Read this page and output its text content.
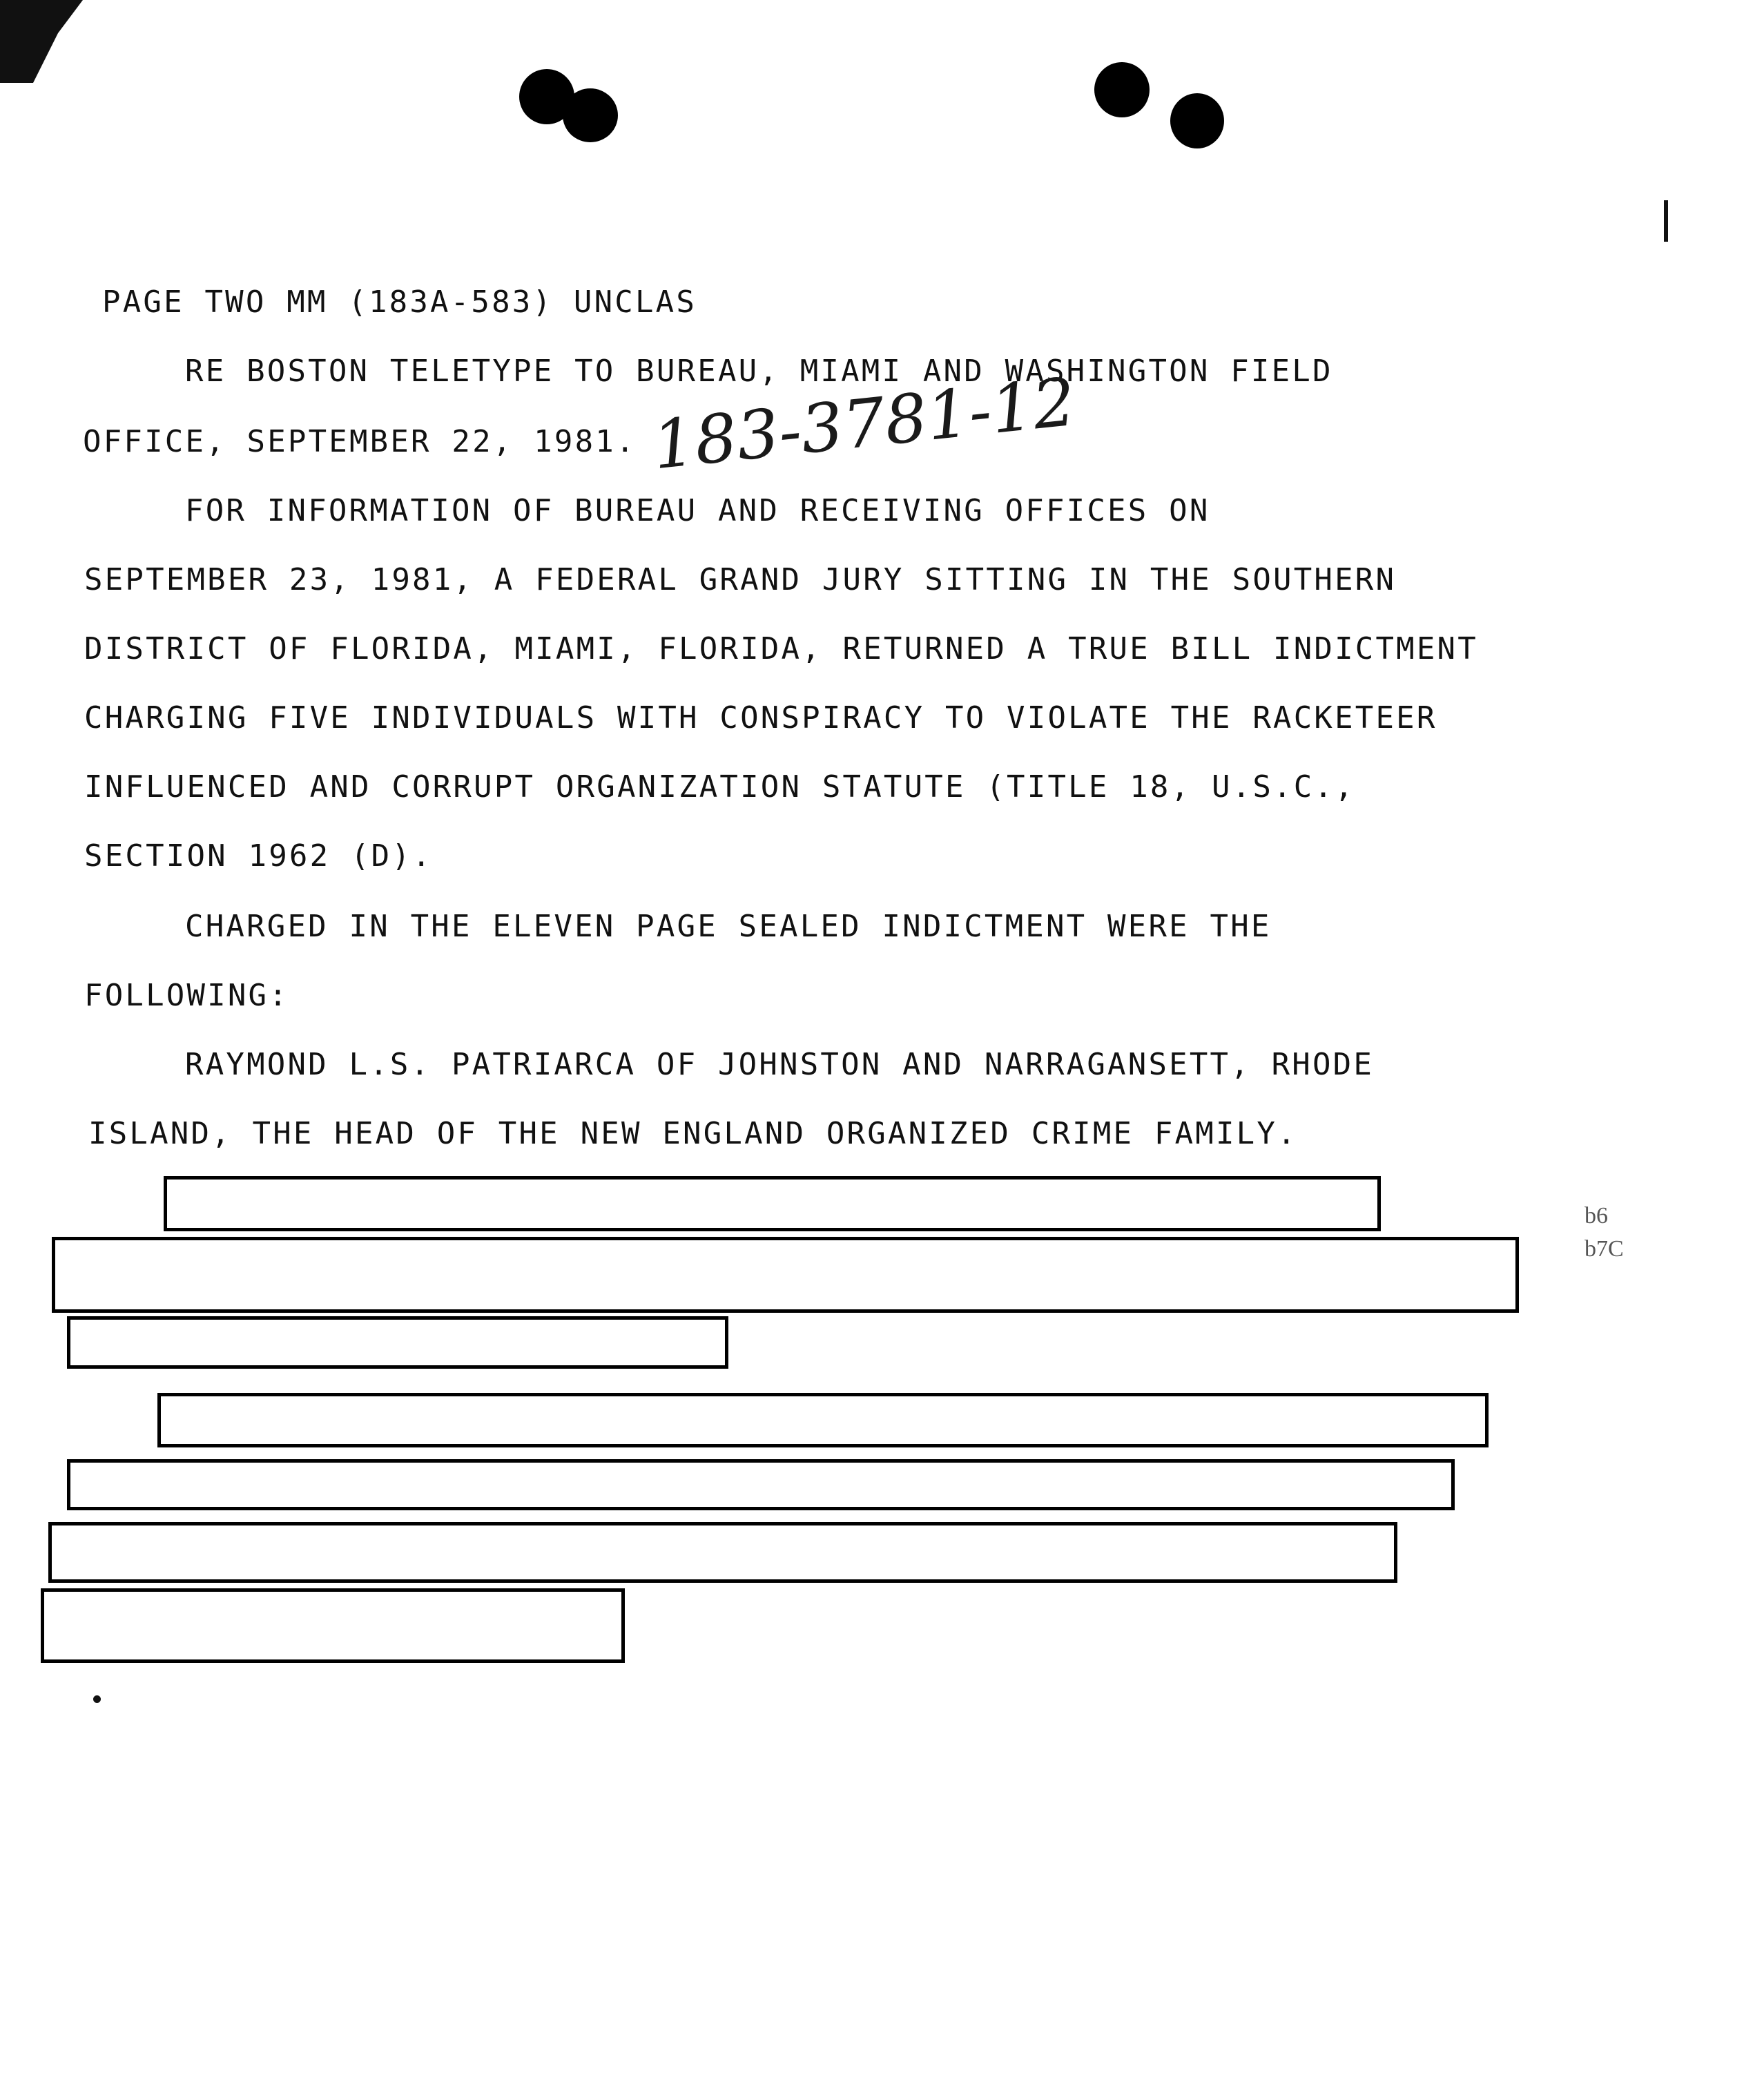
PAGE TWO MM (183A-583) UNCLAS
RE BOSTON TELETYPE TO BUREAU, MIAMI AND WASHINGTON FIELD
OFFICE, SEPTEMBER 22, 1981.
FOR INFORMATION OF BUREAU AND RECEIVING OFFICES ON
SEPTEMBER 23, 1981, A FEDERAL GRAND JURY SITTING IN THE SOUTHERN
DISTRICT OF FLORIDA, MIAMI, FLORIDA, RETURNED A TRUE BILL INDICTMENT
CHARGING FIVE INDIVIDUALS WITH CONSPIRACY TO VIOLATE THE RACKETEER
INFLUENCED AND CORRUPT ORGANIZATION STATUTE (TITLE 18, U.S.C.,
SECTION 1962 (D).
CHARGED IN THE ELEVEN PAGE SEALED INDICTMENT WERE THE
FOLLOWING:
RAYMOND L.S. PATRIARCA OF JOHNSTON AND NARRAGANSETT, RHODE
ISLAND, THE HEAD OF THE NEW ENGLAND ORGANIZED CRIME FAMILY.
183-3781-12
b6
b7C
